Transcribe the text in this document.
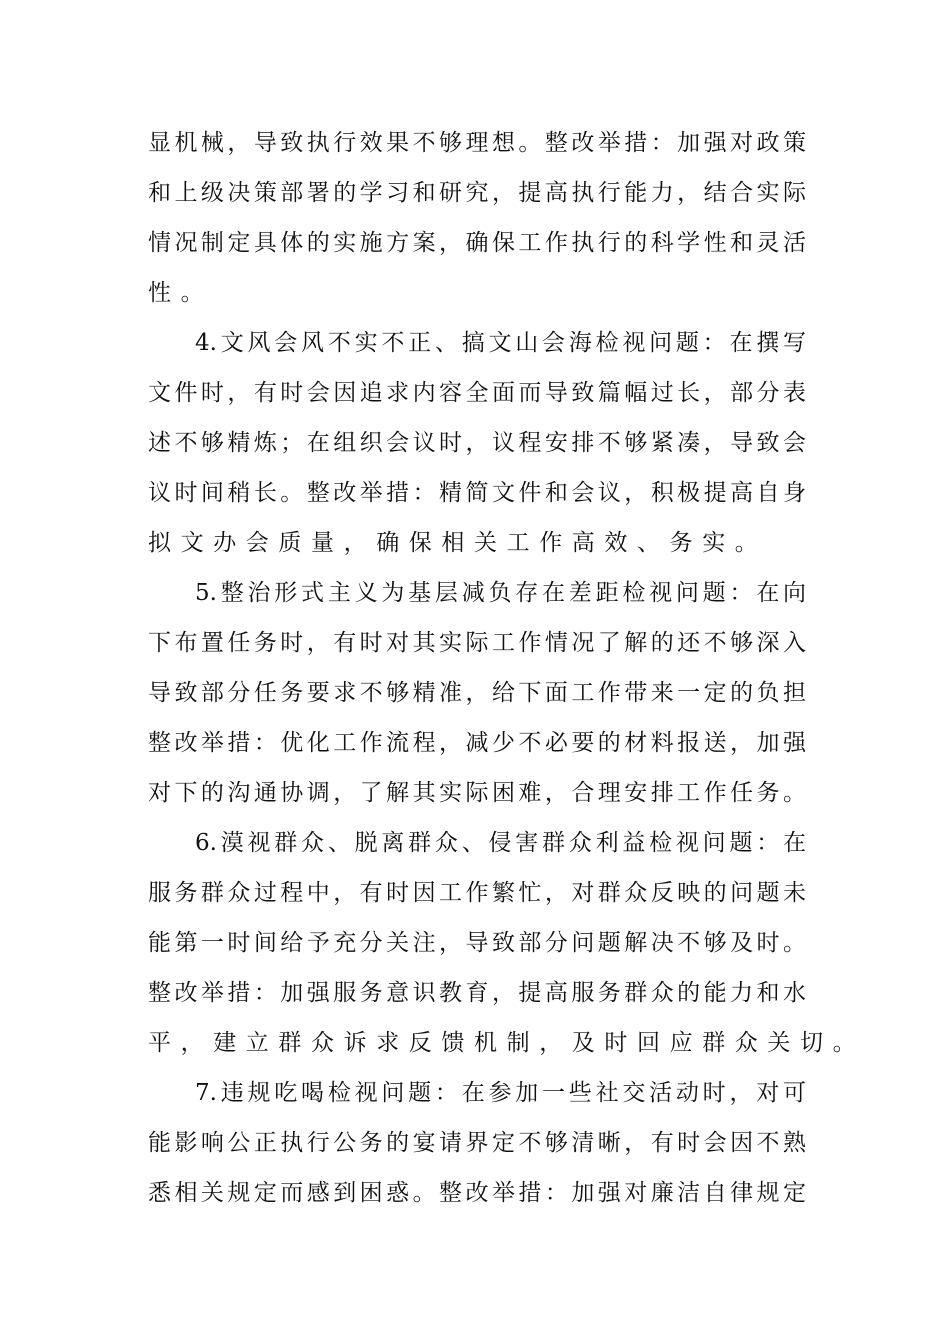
显机械，导致执行效果不够理想。整改举措：加强对政策
和上级决策部署的学习和研究，提高执行能力，结合实际
情况制定具体的实施方案，确保工作执行的科学性和灵活
性。
4.文风会风不实不正、搞文山会海检视问题：在撰写
文件时，有时会因追求内容全面而导致篇幅过长，部分表
述不够精炼；在组织会议时，议程安排不够紧凑，导致会
议时间稍长。整改举措：精简文件和会议，积极提高自身
拟文办会质量，确保相关工作高效、务实。
5.整治形式主义为基层减负存在差距检视问题：在向
下布置任务时，有时对其实际工作情况了解的还不够深入
导致部分任务要求不够精准，给下面工作带来一定的负担
整改举措：优化工作流程，减少不必要的材料报送，加强
对下的沟通协调，了解其实际困难，合理安排工作任务。
6.漠视群众、脱离群众、侵害群众利益检视问题：在
服务群众过程中，有时因工作繁忙，对群众反映的问题未
能第一时间给予充分关注，导致部分问题解决不够及时。
整改举措：加强服务意识教育，提高服务群众的能力和水
平，建立群众诉求反馈机制，及时回应群众关切。
7.违规吃喝检视问题：在参加一些社交活动时，对可
能影响公正执行公务的宴请界定不够清晰，有时会因不熟
悉相关规定而感到困惑。整改举措：加强对廉洁自律规定
